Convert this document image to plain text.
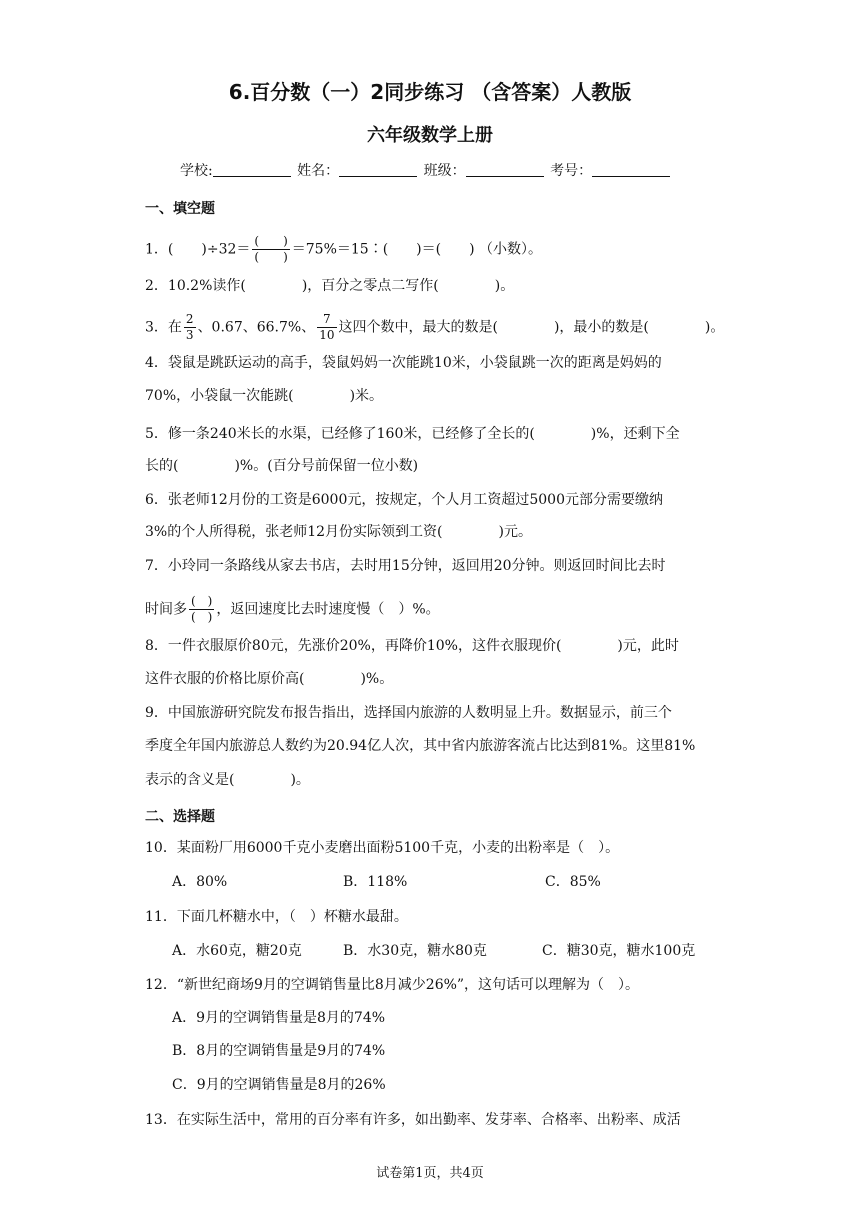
6.百分数（一）2同步练习 （含答案）人教版
六年级数学上册
学校:	姓名：	班级：	考号：
一、填空题
1．(　　)$\div 32= \frac{( )}{( )}$ ＝75%＝15∶(　　)＝(　　) （小数）。
2．10.2%读作(　　　　)，百分之零点二写作(　　　　)。
3．在 $\frac{2}{3}$ 、0.67、66.7%、 $\frac{7}{10}$ 这四个数中，最大的数是(　　　　)，最小的数是(　　　　)。
4．袋鼠是跳跃运动的高手，袋鼠妈妈一次能跳10米，小袋鼠跳一次的距离是妈妈的
70%，小袋鼠一次能跳(　　　　)米。
5．修一条240米长的水渠，已经修了160米，已经修了全长的(　　　　)%，还剩下全
长的(　　　　)%。(百分号前保留一位小数)
6．张老师12月份的工资是6000元，按规定，个人月工资超过5000元部分需要缴纳
3%的个人所得税，张老师12月份实际领到工资(　　　　)元。
7．小玲同一条路线从家去书店，去时用15分钟，返回用20分钟。则返回时间比去时
时间多 $\frac{( )}{( )}$ ，返回速度比去时速度慢（　）%。
8．一件衣服原价80元，先涨价20%，再降价10%，这件衣服现价(　　　　)元，此时
这件衣服的价格比原价高(　　　　)%。
9．中国旅游研究院发布报告指出，选择国内旅游的人数明显上升。数据显示，前三个
季度全年国内旅游总人数约为20.94亿人次，其中省内旅游客流占比达到81%。这里81%
表示的含义是(　　　　)。
二、选择题
10．某面粉厂用6000千克小麦磨出面粉5100千克，小麦的出粉率是（　）。
A．80%	B．118%	C．85%
11．下面几杯糖水中，（　）杯糖水最甜。
A．水60克，糖20克	B．水30克，糖水80克	C．糖30克，糖水100克
12．“新世纪商场9月的空调销售量比8月减少26%”，这句话可以理解为（　）。
A．9月的空调销售量是8月的74%
B．8月的空调销售量是9月的74%
C．9月的空调销售量是8月的26%
13．在实际生活中，常用的百分率有许多，如出勤率、发芽率、合格率、出粉率、成活
试卷第1页，共4页
